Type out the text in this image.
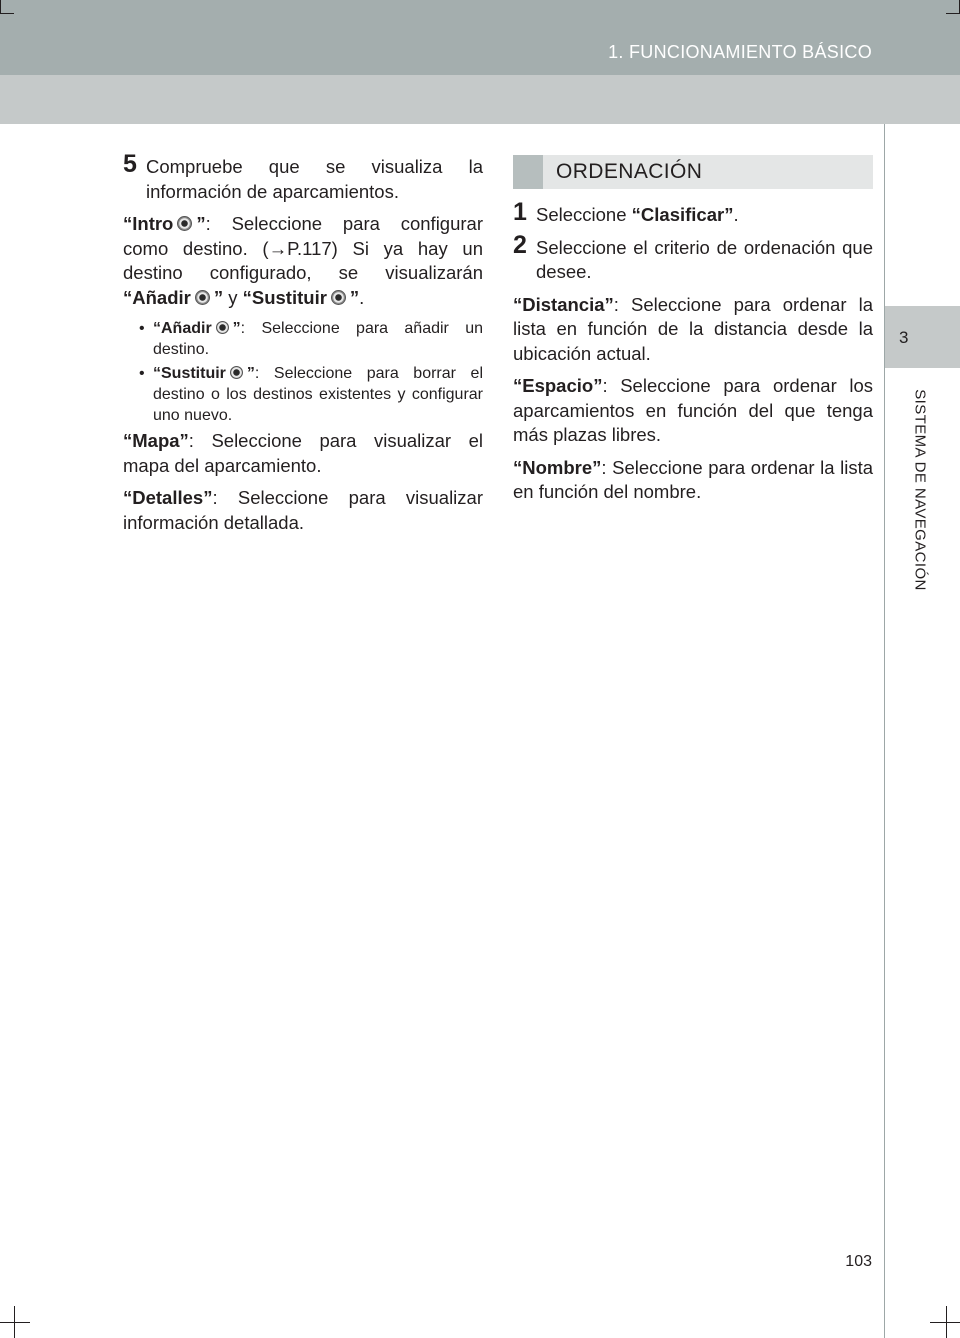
1. FUNCIONAMIENTO BÁSICO
3
SISTEMA DE NAVEGACIÓN

5 Compruebe que se visualiza la información de aparcamientos.

“Intro ”: Seleccione para configurar como destino. (→P.117) Si ya hay un destino configurado, se visualizarán “Añadir ” y “Sustituir ”.

• “Añadir ”: Seleccione para añadir un destino.

• “Sustituir ”: Seleccione para borrar el destino o los destinos existentes y configurar uno nuevo.

“Mapa”: Seleccione para visualizar el mapa del aparcamiento.

“Detalles”: Seleccione para visualizar información detallada.

ORDENACIÓN

1 Seleccione “Clasificar”.

2 Seleccione el criterio de ordenación que desee.

“Distancia”: Seleccione para ordenar la lista en función de la distancia desde la ubicación actual.

“Espacio”: Seleccione para ordenar los aparcamientos en función del que tenga más plazas libres.

“Nombre”: Seleccione para ordenar la lista en función del nombre.

103
